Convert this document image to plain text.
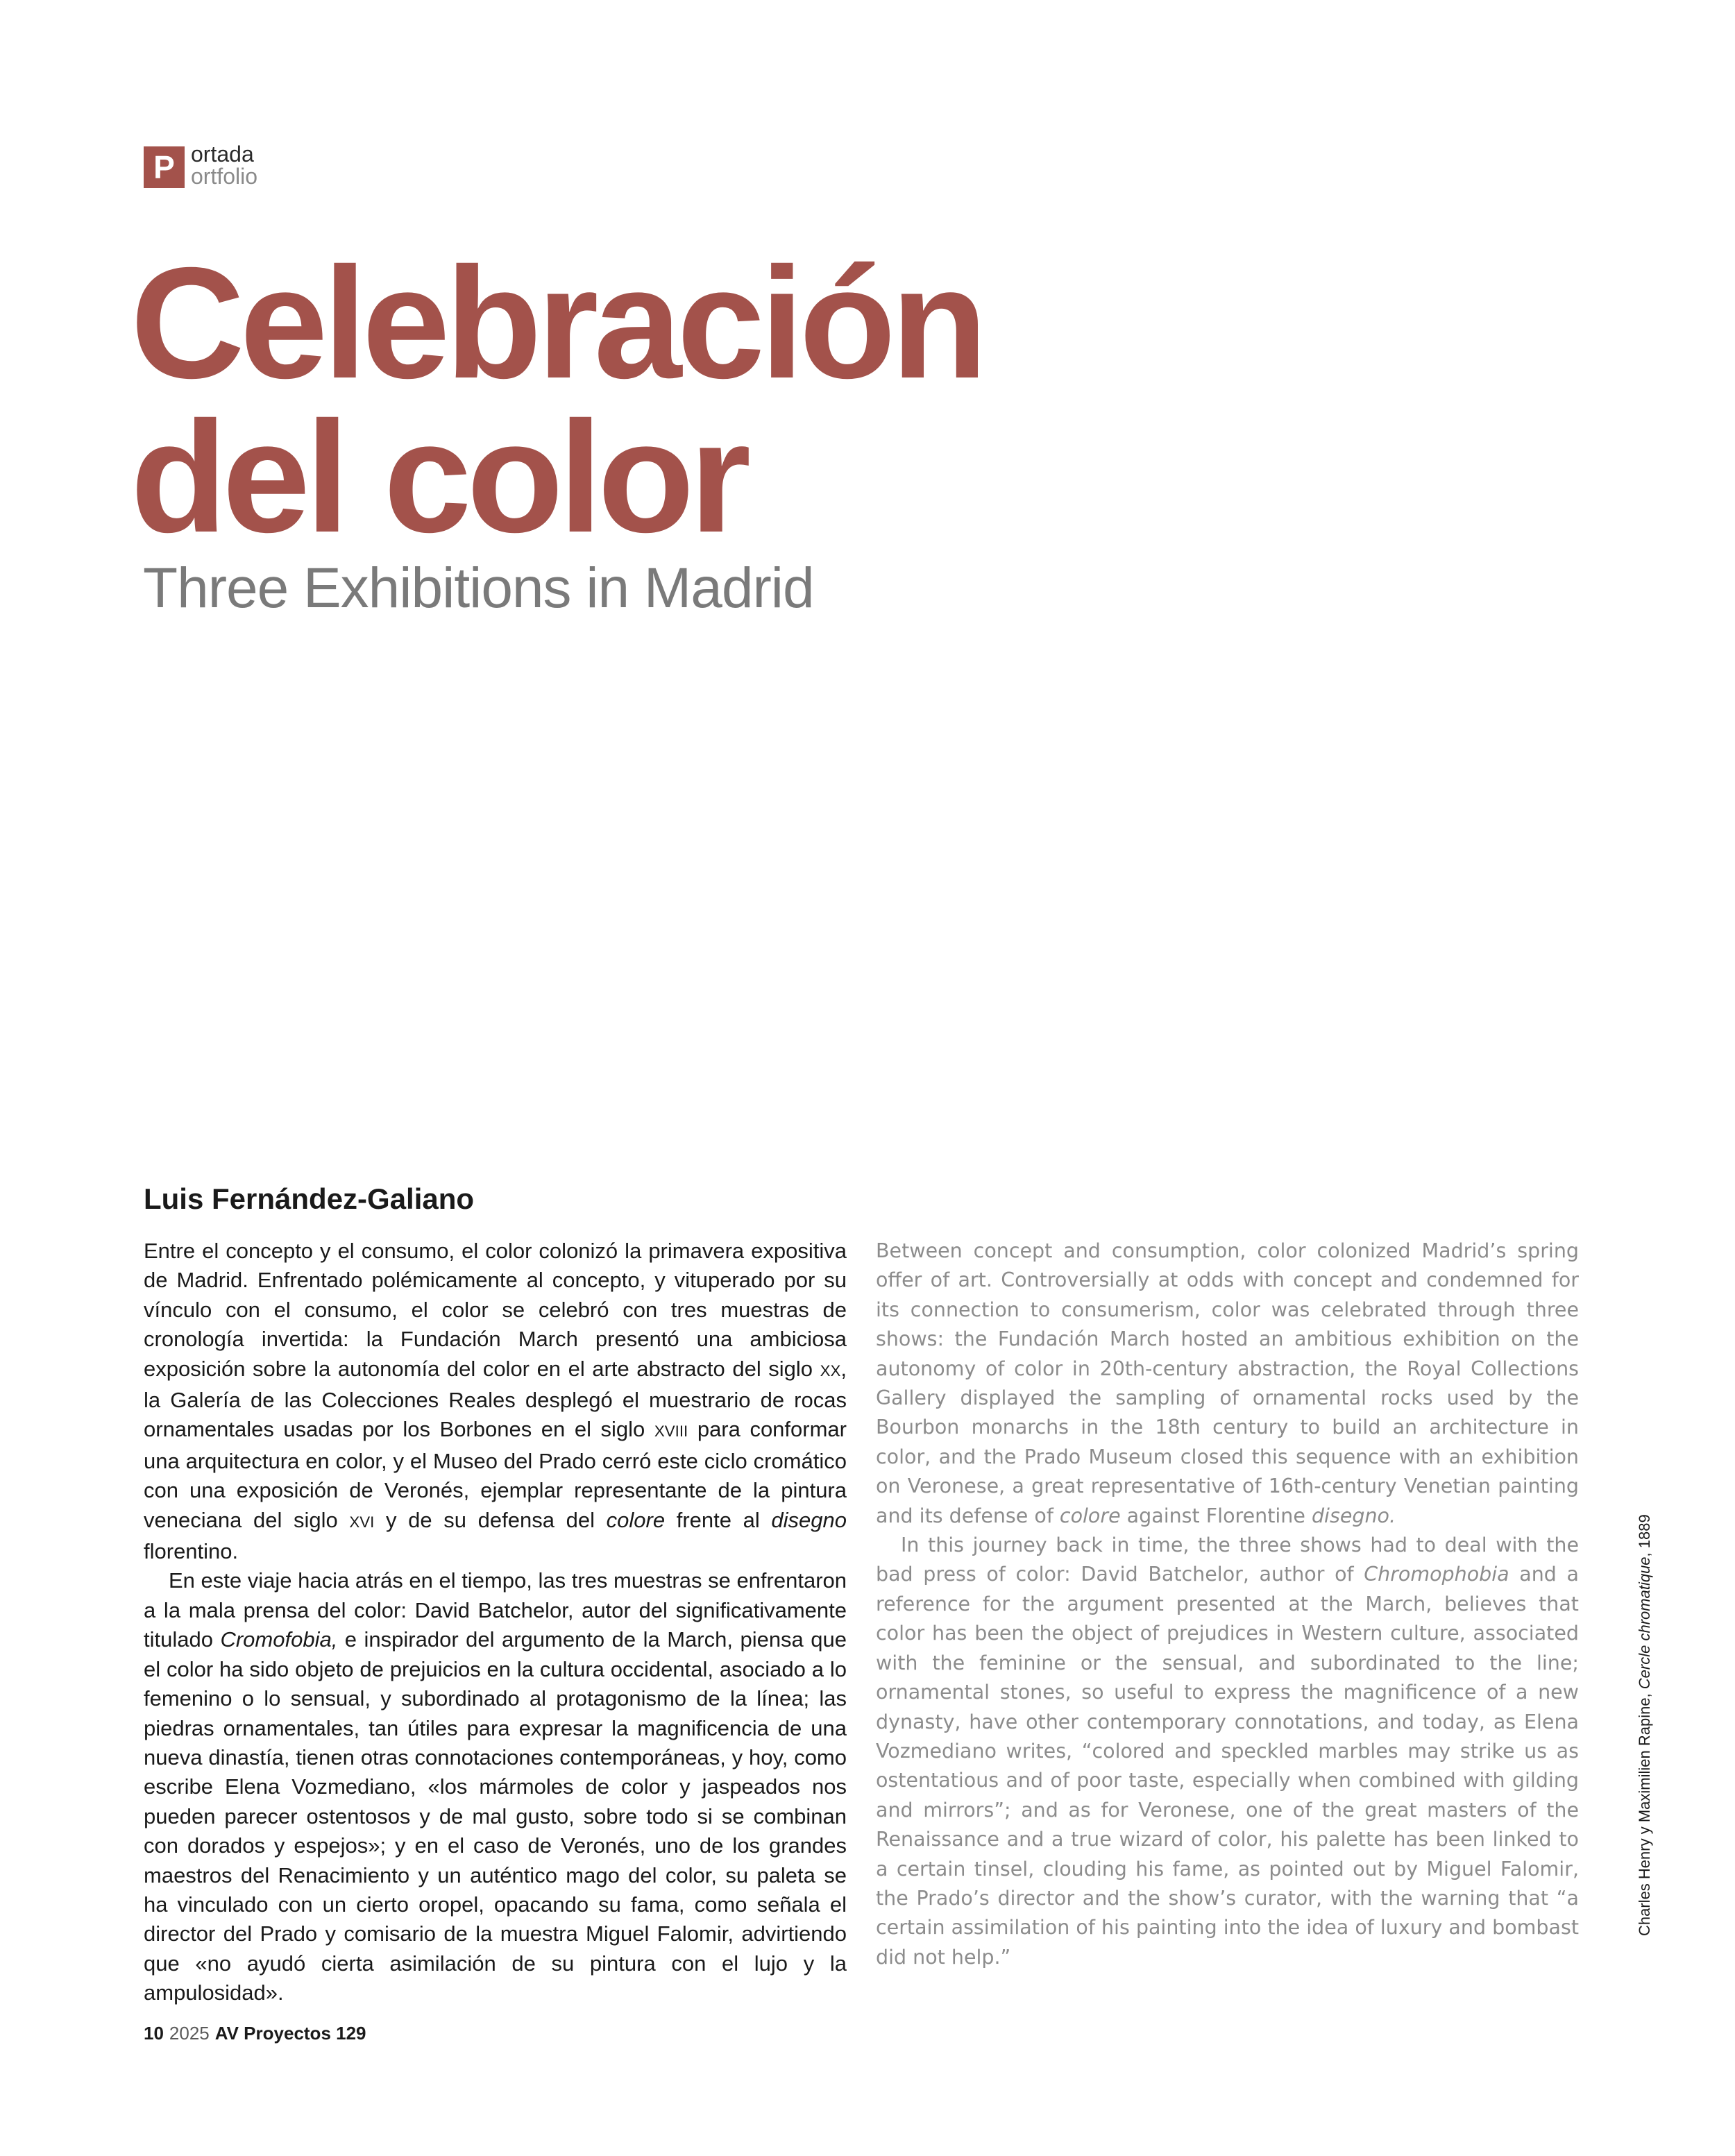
P ortada
ortfolio
Celebración
del color
Three Exhibitions in Madrid
Luis Fernández-Galiano

Entre el concepto y el consumo, el color colonizó la primavera expositiva de Madrid. Enfrentado polémicamente al concepto, y vituperado por su vínculo con el consumo, el color se celebró con tres muestras de cronología invertida: la Fundación March presentó una ambiciosa exposición sobre la autonomía del color en el arte abstracto del siglo XX, la Galería de las Colecciones Reales desplegó el muestrario de rocas ornamentales usadas por los Borbones en el siglo XVIII para conformar una arquitectura en color, y el Museo del Prado cerró este ciclo cromático con una exposición de Veronés, ejemplar representante de la pintura veneciana del siglo XVI y de su defensa del colore frente al disegno florentino.

En este viaje hacia atrás en el tiempo, las tres muestras se enfrentaron a la mala prensa del color: David Batchelor, autor del significativamente titulado Cromofobia, e inspirador del argumento de la March, piensa que el color ha sido objeto de prejuicios en la cultura occidental, asociado a lo femenino o lo sensual, y subordinado al protagonismo de la línea; las piedras ornamentales, tan útiles para expresar la magnificencia de una nueva dinastía, tienen otras connotaciones contemporáneas, y hoy, como escribe Elena Vozmediano, «los mármoles de color y jaspeados nos pueden parecer ostentosos y de mal gusto, sobre todo si se combinan con dorados y espejos»; y en el caso de Veronés, uno de los grandes maestros del Renacimiento y un auténtico mago del color, su paleta se ha vinculado con un cierto oropel, opacando su fama, como señala el director del Prado y comisario de la muestra Miguel Falomir, advirtiendo que «no ayudó cierta asimilación de su pintura con el lujo y la ampulosidad».

Between concept and consumption, color colonized Madrid’s spring offer of art. Controversially at odds with concept and condemned for its connection to consumerism, color was celebrated through three shows: the Fundación March hosted an ambitious exhibition on the autonomy of color in 20th-century abstraction, the Royal Collections Gallery displayed the sampling of ornamental rocks used by the Bourbon monarchs in the 18th century to build an architecture in color, and the Prado Museum closed this sequence with an exhibition on Veronese, a great representative of 16th-century Venetian painting and its defense of colore against Florentine disegno.

In this journey back in time, the three shows had to deal with the bad press of color: David Batchelor, author of Chromophobia and a reference for the argument presented at the March, believes that color has been the object of prejudices in Western culture, associated with the feminine or the sensual, and subordinated to the line; ornamental stones, so useful to express the magnificence of a new dynasty, have other contemporary connotations, and today, as Elena Vozmediano writes, “colored and speckled marbles may strike us as ostentatious and of poor taste, especially when combined with gilding and mirrors”; and as for Veronese, one of the great masters of the Renaissance and a true wizard of color, his palette has been linked to a certain tinsel, clouding his fame, as pointed out by Miguel Falomir, the Prado’s director and the show’s curator, with the warning that “a certain assimilation of his painting into the idea of luxury and bombast did not help.”

Charles Henry y Maximilien Rapine, Cercle chromatique, 1889
10 2025 AV Proyectos 129
